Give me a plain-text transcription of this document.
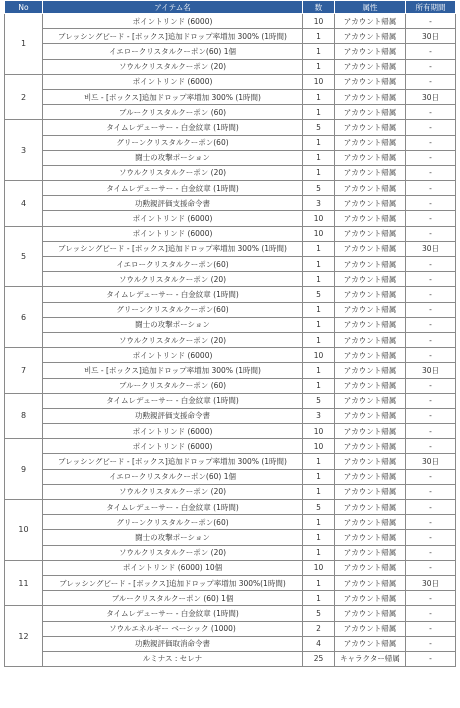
No	アイテム名	数	属性	所有期間
1	ポイントリンド (6000)	10	アカウント帰属	-
	ブレッシングビード - [ボックス]追加ドロップ率増加 300% (1時間)	1	アカウント帰属	30日
	イエロークリスタルクーポン(60) 1個	1	アカウント帰属	-
	ソウルクリスタルクーポン (20)	1	アカウント帰属	-
2	ポイントリンド (6000)	10	アカウント帰属	-
	비드 - [ボックス]追加ドロップ率増加 300% (1時間)	1	アカウント帰属	30日
	ブルークリスタルクーポン (60)	1	アカウント帰属	-
3	タイムレデューサー - 白金紋章 (1時間)	5	アカウント帰属	-
	グリーンクリスタルクーポン(60)	1	アカウント帰属	-
	闘士の攻撃ポーション	1	アカウント帰属	-
	ソウルクリスタルクーポン (20)	1	アカウント帰属	-
4	タイムレデューサー - 白金紋章 (1時間)	5	アカウント帰属	-
	功勲親評価支援命令書	3	アカウント帰属	-
	ポイントリンド (6000)	10	アカウント帰属	-
5	ポイントリンド (6000)	10	アカウント帰属	-
	ブレッシングビード - [ボックス]追加ドロップ率増加 300% (1時間)	1	アカウント帰属	30日
	イエロークリスタルクーポン(60)	1	アカウント帰属	-
	ソウルクリスタルクーポン (20)	1	アカウント帰属	-
6	タイムレデューサー - 白金紋章 (1時間)	5	アカウント帰属	-
	グリーンクリスタルクーポン(60)	1	アカウント帰属	-
	闘士の攻撃ポーション	1	アカウント帰属	-
	ソウルクリスタルクーポン (20)	1	アカウント帰属	-
7	ポイントリンド (6000)	10	アカウント帰属	-
	비드 - [ボックス]追加ドロップ率増加 300% (1時間)	1	アカウント帰属	30日
	ブルークリスタルクーポン (60)	1	アカウント帰属	-
8	タイムレデューサー - 白金紋章 (1時間)	5	アカウント帰属	-
	功勲親評価支援命令書	3	アカウント帰属	-
	ポイントリンド (6000)	10	アカウント帰属	-
9	ポイントリンド (6000)	10	アカウント帰属	-
	ブレッシングビード - [ボックス]追加ドロップ率増加 300% (1時間)	1	アカウント帰属	30日
	イエロークリスタルクーポン(60) 1個	1	アカウント帰属	-
	ソウルクリスタルクーポン (20)	1	アカウント帰属	-
10	タイムレデューサー - 白金紋章 (1時間)	5	アカウント帰属	-
	グリーンクリスタルクーポン(60)	1	アカウント帰属	-
	闘士の攻撃ポーション	1	アカウント帰属	-
	ソウルクリスタルクーポン (20)	1	アカウント帰属	-
11	ポイントリンド (6000) 10個	10	アカウント帰属	-
	ブレッシングビード - [ボックス]追加ドロップ率増加 300%(1時間)	1	アカウント帰属	30日
	ブルークリスタルクーポン (60) 1個	1	アカウント帰属	-
12	タイムレデューサー - 白金紋章 (1時間)	5	アカウント帰属	-
	ソウルエネルギー ベーシック (1000)	2	アカウント帰属	-
	功勲親評価取消命令書	4	アカウント帰属	-
	ルミナス : セレナ	25	キャラクター帰属	-
